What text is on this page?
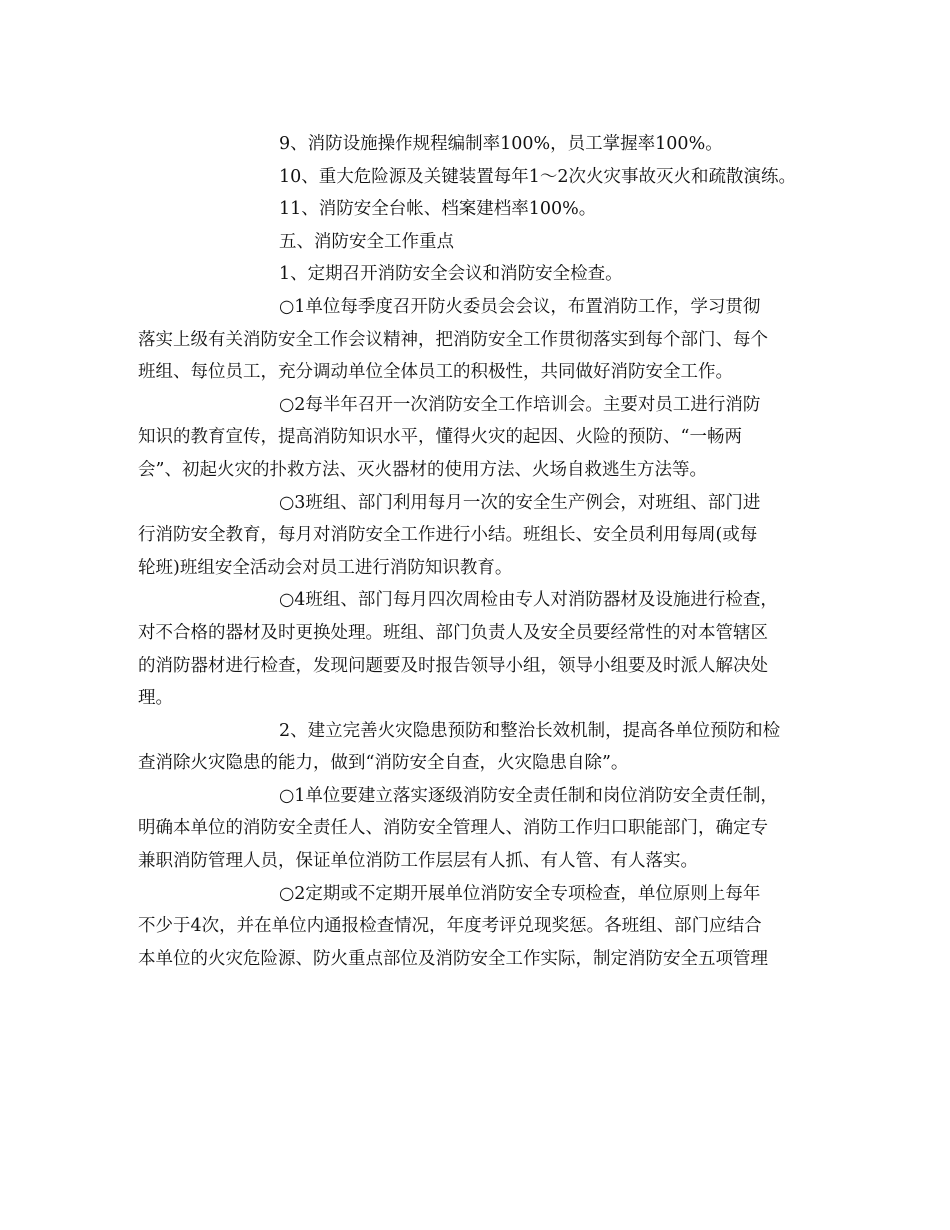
9、消防设施操作规程编制率100%，员工掌握率100%。
10、重大危险源及关键装置每年1～2次火灾事故灭火和疏散演练。
11、消防安全台帐、档案建档率100%。
五、消防安全工作重点
1、定期召开消防安全会议和消防安全检查。
○1单位每季度召开防火委员会会议，布置消防工作，学习贯彻
落实上级有关消防安全工作会议精神，把消防安全工作贯彻落实到每个部门、每个
班组、每位员工，充分调动单位全体员工的积极性，共同做好消防安全工作。
○2每半年召开一次消防安全工作培训会。主要对员工进行消防
知识的教育宣传，提高消防知识水平，懂得火灾的起因、火险的预防、“一畅两
会”、初起火灾的扑救方法、灭火器材的使用方法、火场自救逃生方法等。
○3班组、部门利用每月一次的安全生产例会，对班组、部门进
行消防安全教育，每月对消防安全工作进行小结。班组长、安全员利用每周(或每
轮班)班组安全活动会对员工进行消防知识教育。
○4班组、部门每月四次周检由专人对消防器材及设施进行检查，
对不合格的器材及时更换处理。班组、部门负责人及安全员要经常性的对本管辖区
的消防器材进行检查，发现问题要及时报告领导小组，领导小组要及时派人解决处
理。
2、建立完善火灾隐患预防和整治长效机制，提高各单位预防和检
查消除火灾隐患的能力，做到“消防安全自查，火灾隐患自除”。
○1单位要建立落实逐级消防安全责任制和岗位消防安全责任制，
明确本单位的消防安全责任人、消防安全管理人、消防工作归口职能部门，确定专
兼职消防管理人员，保证单位消防工作层层有人抓、有人管、有人落实。
○2定期或不定期开展单位消防安全专项检查，单位原则上每年
不少于4次，并在单位内通报检查情况，年度考评兑现奖惩。各班组、部门应结合
本单位的火灾危险源、防火重点部位及消防安全工作实际，制定消防安全五项管理
